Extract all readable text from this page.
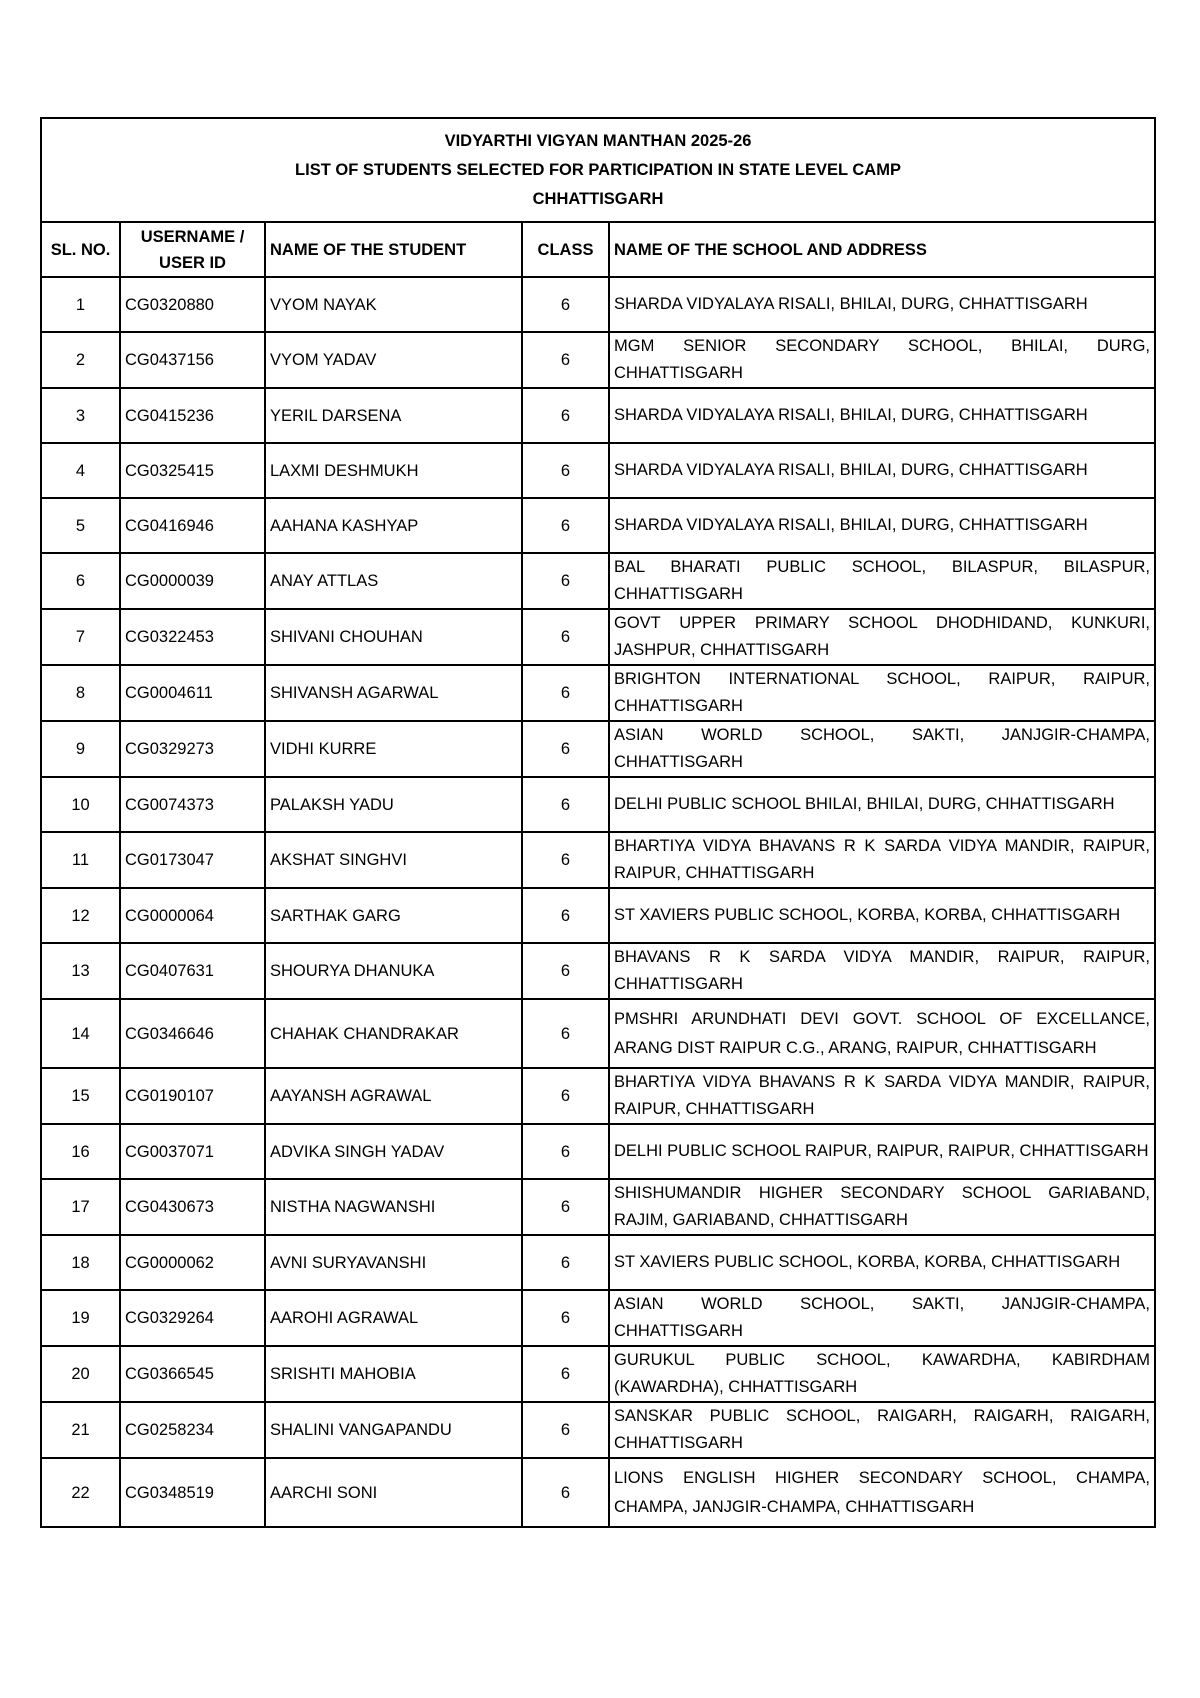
VIDYARTHI VIGYAN MANTHAN 2025-26
LIST OF STUDENTS SELECTED FOR PARTICIPATION IN STATE LEVEL CAMP
CHHATTISGARH				

SL. NO.	USERNAME / USER ID	NAME OF THE STUDENT	CLASS	NAME OF THE SCHOOL AND ADDRESS
1	CG0320880	VYOM NAYAK	6	SHARDA VIDYALAYA RISALI, BHILAI, DURG, CHHATTISGARH
2	CG0437156	VYOM YADAV	6	MGM SENIOR SECONDARY SCHOOL, BHILAI, DURG, CHHATTISGARH
3	CG0415236	YERIL DARSENA	6	SHARDA VIDYALAYA RISALI, BHILAI, DURG, CHHATTISGARH
4	CG0325415	LAXMI DESHMUKH	6	SHARDA VIDYALAYA RISALI, BHILAI, DURG, CHHATTISGARH
5	CG0416946	AAHANA KASHYAP	6	SHARDA VIDYALAYA RISALI, BHILAI, DURG, CHHATTISGARH
6	CG0000039	ANAY ATTLAS	6	BAL BHARATI PUBLIC SCHOOL, BILASPUR, BILASPUR, CHHATTISGARH
7	CG0322453	SHIVANI CHOUHAN	6	GOVT UPPER PRIMARY SCHOOL DHODHIDAND, KUNKURI, JASHPUR, CHHATTISGARH
8	CG0004611	SHIVANSH AGARWAL	6	BRIGHTON INTERNATIONAL SCHOOL, RAIPUR, RAIPUR, CHHATTISGARH
9	CG0329273	VIDHI KURRE	6	ASIAN WORLD SCHOOL, SAKTI, JANJGIR-CHAMPA, CHHATTISGARH
10	CG0074373	PALAKSH YADU	6	DELHI PUBLIC SCHOOL BHILAI, BHILAI, DURG, CHHATTISGARH
11	CG0173047	AKSHAT SINGHVI	6	BHARTIYA VIDYA BHAVANS R K SARDA VIDYA MANDIR, RAIPUR, RAIPUR, CHHATTISGARH
12	CG0000064	SARTHAK GARG	6	ST XAVIERS PUBLIC SCHOOL, KORBA, KORBA, CHHATTISGARH
13	CG0407631	SHOURYA DHANUKA	6	BHAVANS R K SARDA VIDYA MANDIR, RAIPUR, RAIPUR, CHHATTISGARH
14	CG0346646	CHAHAK CHANDRAKAR	6	PMSHRI ARUNDHATI DEVI GOVT. SCHOOL OF EXCELLANCE, ARANG DIST RAIPUR C.G., ARANG, RAIPUR, CHHATTISGARH
15	CG0190107	AAYANSH AGRAWAL	6	BHARTIYA VIDYA BHAVANS R K SARDA VIDYA MANDIR, RAIPUR, RAIPUR, CHHATTISGARH
16	CG0037071	ADVIKA SINGH YADAV	6	DELHI PUBLIC SCHOOL RAIPUR, RAIPUR, RAIPUR, CHHATTISGARH
17	CG0430673	NISTHA NAGWANSHI	6	SHISHUMANDIR HIGHER SECONDARY SCHOOL GARIABAND, RAJIM, GARIABAND, CHHATTISGARH
18	CG0000062	AVNI SURYAVANSHI	6	ST XAVIERS PUBLIC SCHOOL, KORBA, KORBA, CHHATTISGARH
19	CG0329264	AAROHI AGRAWAL	6	ASIAN WORLD SCHOOL, SAKTI, JANJGIR-CHAMPA, CHHATTISGARH
20	CG0366545	SRISHTI MAHOBIA	6	GURUKUL PUBLIC SCHOOL, KAWARDHA, KABIRDHAM (KAWARDHA), CHHATTISGARH
21	CG0258234	SHALINI VANGAPANDU	6	SANSKAR PUBLIC SCHOOL, RAIGARH, RAIGARH, RAIGARH, CHHATTISGARH
22	CG0348519	AARCHI SONI	6	LIONS ENGLISH HIGHER SECONDARY SCHOOL, CHAMPA, CHAMPA, JANJGIR-CHAMPA, CHHATTISGARH
